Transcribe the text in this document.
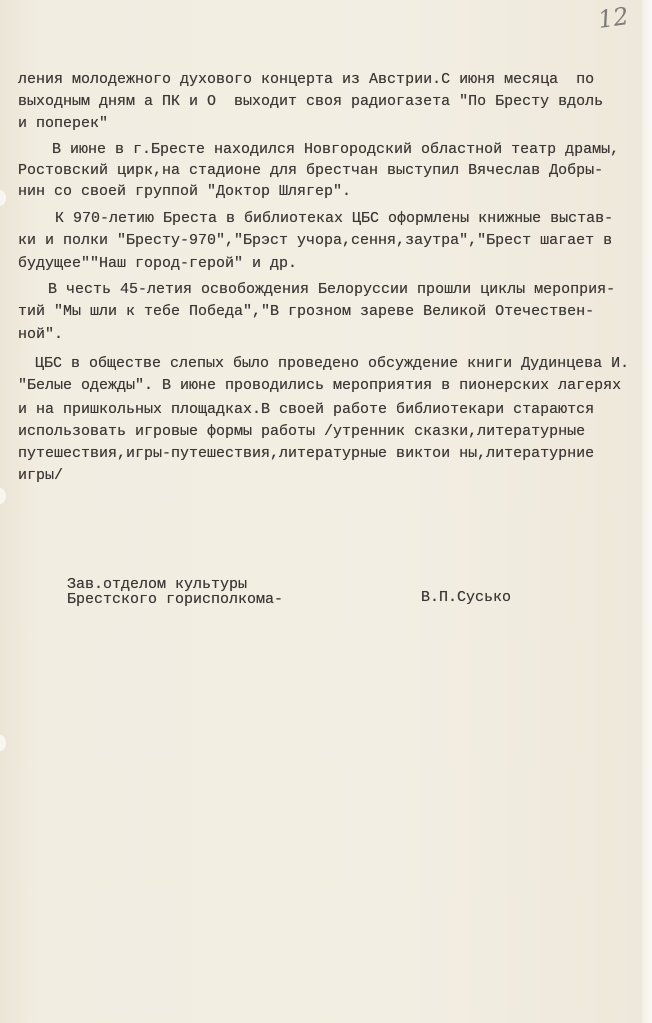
12
ления молодежного духового концерта из Австрии.С июня месяца  по
выходным дням а ПК и О  выходит своя радиогазета "По Бресту вдоль
и поперек"
В июне в г.Бресте находился Новгородский областной театр драмы,
Ростовский цирк,на стадионе для брестчан выступил Вячеслав Добры-
нин со своей группой "Доктор Шлягер".
К 970-летию Бреста в библиотеках ЦБС оформлены книжные выстав-
ки и полки "Бресту-970","Брэст учора,сення,заутра","Брест шагает в
будущее""Наш город-герой" и др.
В честь 45-летия освобождения Белоруссии прошли циклы мероприя-
тий "Мы шли к тебе Победа","В грозном зареве Великой Отечествен-
ной".
ЦБС в обществе слепых было проведено обсуждение книги Дудинцева И.
"Белые одежды". В июне проводились мероприятия в пионерских лагерях
и на пришкольных площадках.В своей работе библиотекари стараются
использовать игровые формы работы /утренник сказки,литературные
путешествия,игры-путешествия,литературные виктои ны,литературние
игры/
Зав.отделом культуры
Брестского горисполкома-	В.П.Сусько
